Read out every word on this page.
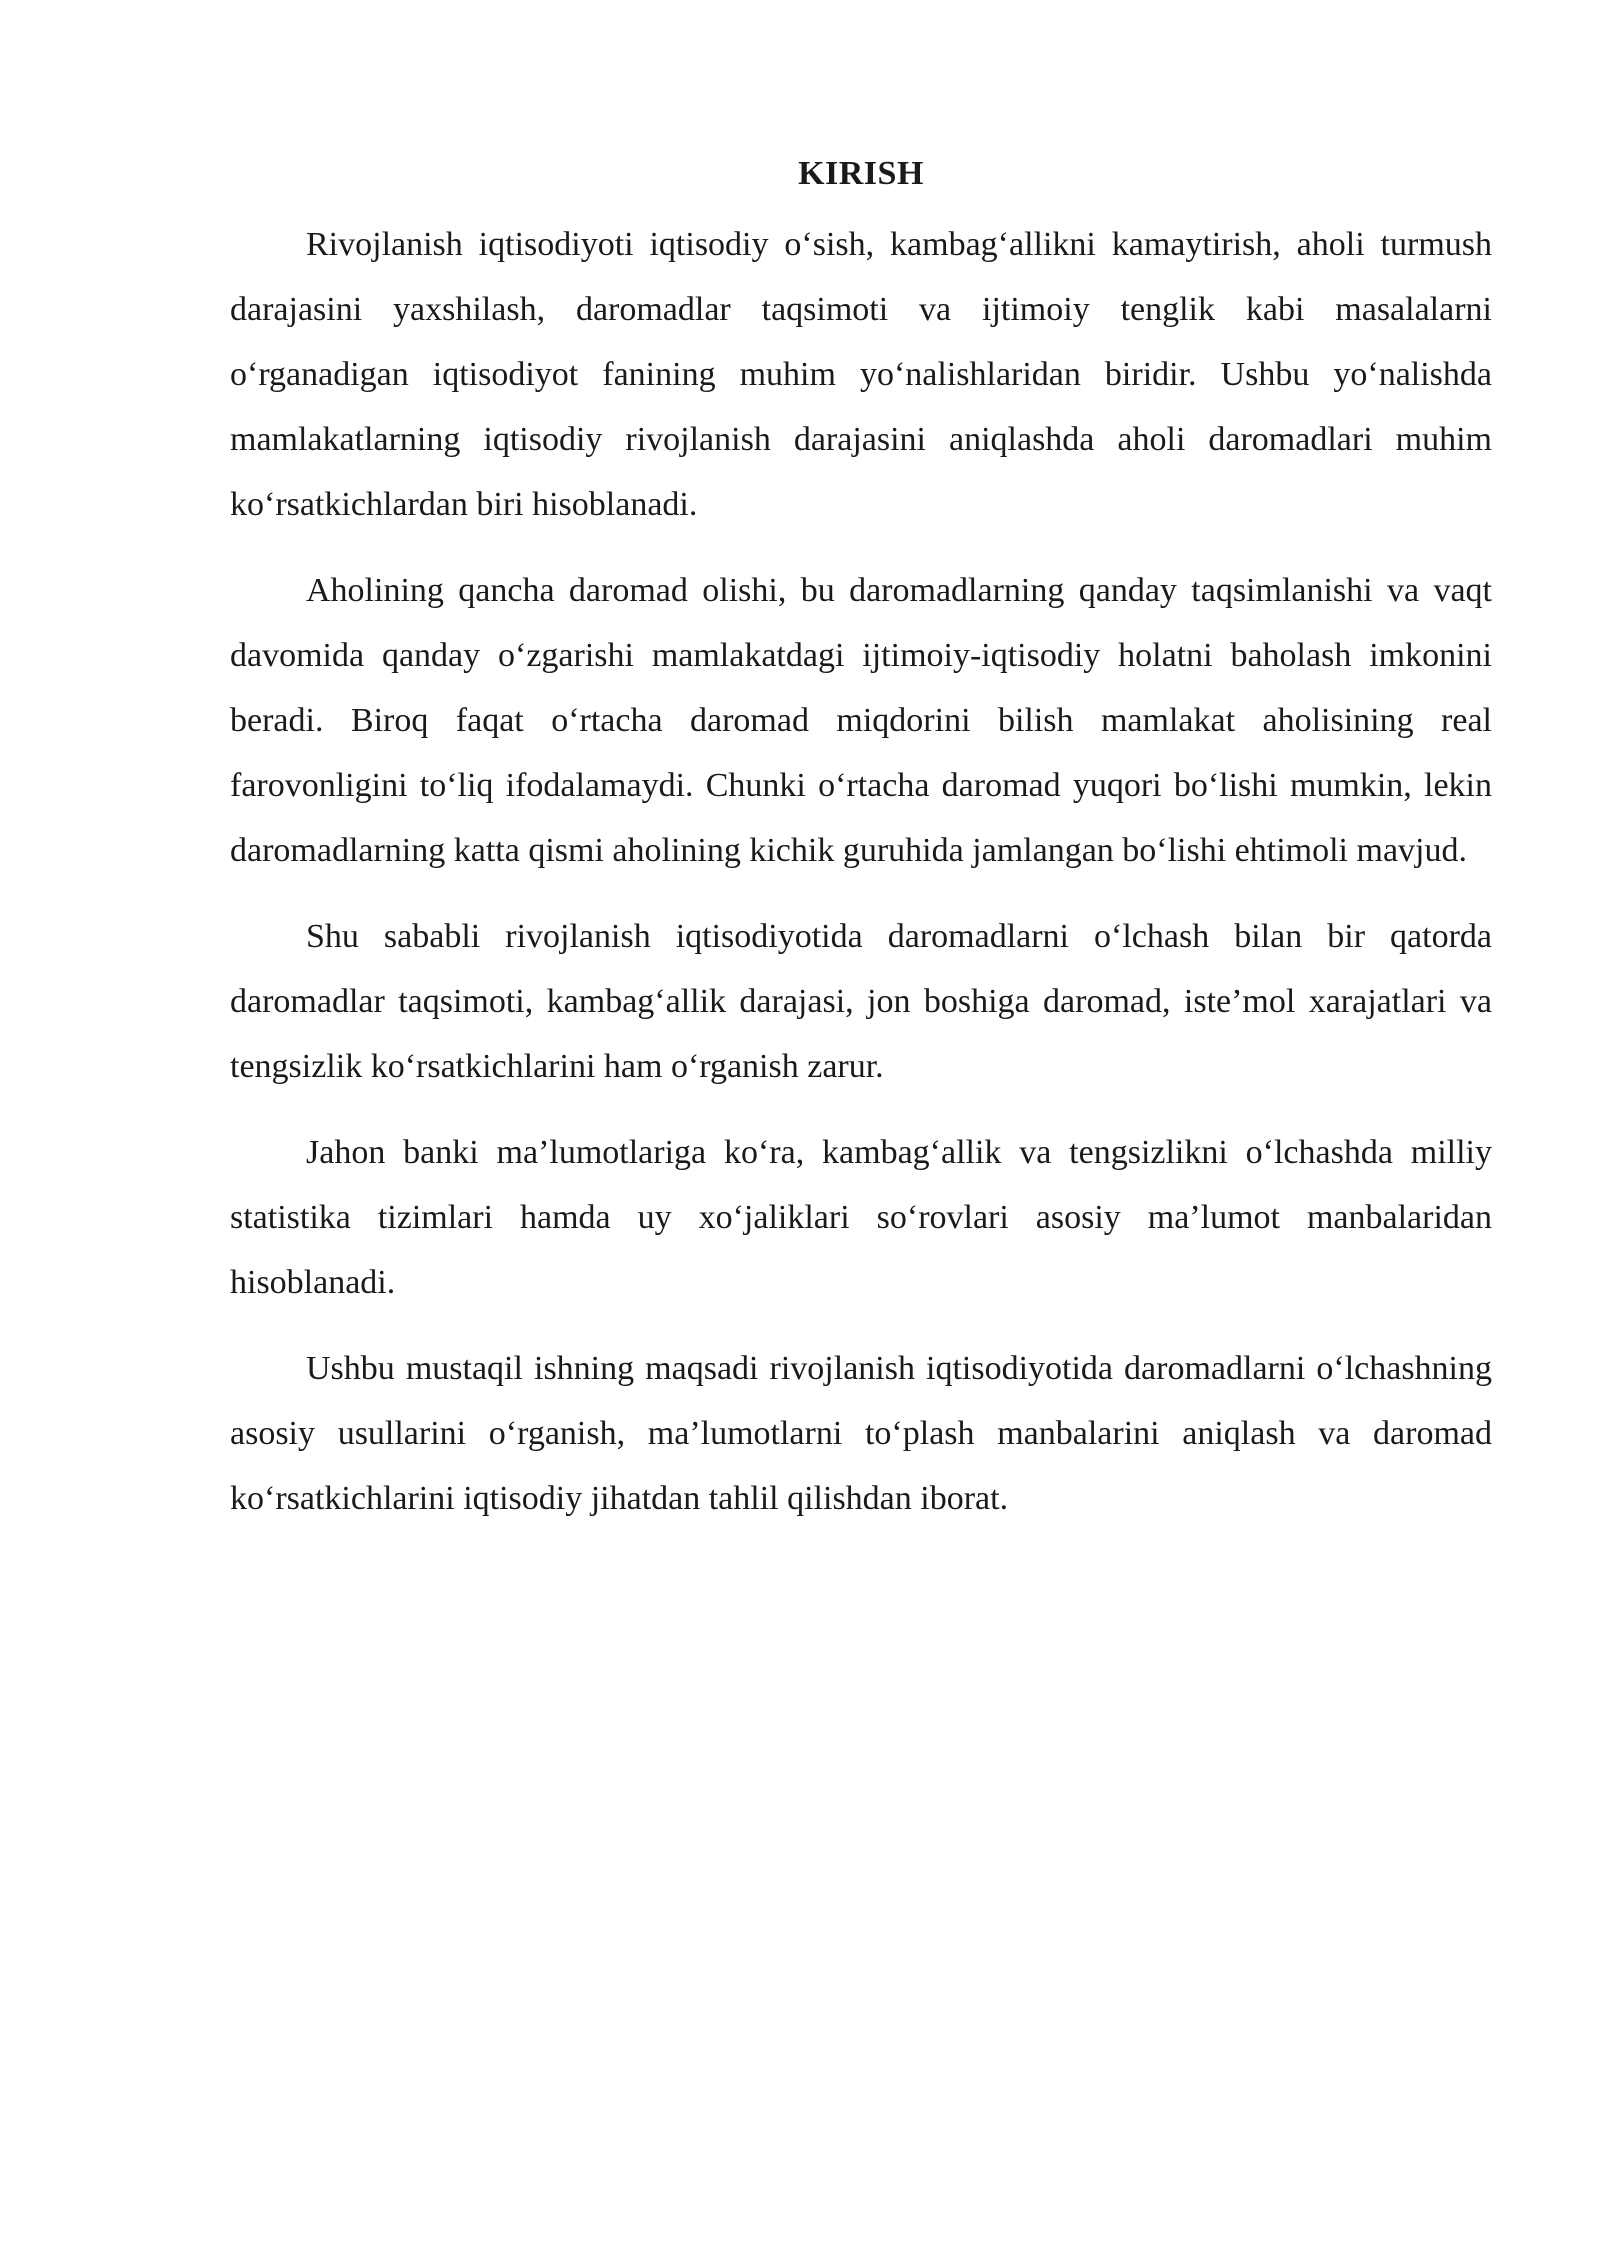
KIRISH

Rivojlanish iqtisodiyoti iqtisodiy o‘sish, kambag‘allikni kamaytirish, aholi turmush darajasini yaxshilash, daromadlar taqsimoti va ijtimoiy tenglik kabi masalalarni o‘rganadigan iqtisodiyot fanining muhim yo‘nalishlaridan biridir. Ushbu yo‘nalishda mamlakatlarning iqtisodiy rivojlanish darajasini aniqlashda aholi daromadlari muhim ko‘rsatkichlardan biri hisoblanadi.

Aholining qancha daromad olishi, bu daromadlarning qanday taqsimlanishi va vaqt davomida qanday o‘zgarishi mamlakatdagi ijtimoiy-iqtisodiy holatni baholash imkonini beradi. Biroq faqat o‘rtacha daromad miqdorini bilish mamlakat aholisining real farovonligini to‘liq ifodalamaydi. Chunki o‘rtacha daromad yuqori bo‘lishi mumkin, lekin daromadlarning katta qismi aholining kichik guruhida jamlangan bo‘lishi ehtimoli mavjud.

Shu sababli rivojlanish iqtisodiyotida daromadlarni o‘lchash bilan bir qatorda daromadlar taqsimoti, kambag‘allik darajasi, jon boshiga daromad, iste’mol xarajatlari va tengsizlik ko‘rsatkichlarini ham o‘rganish zarur.

Jahon banki ma’lumotlariga ko‘ra, kambag‘allik va tengsizlikni o‘lchashda milliy statistika tizimlari hamda uy xo‘jaliklari so‘rovlari asosiy ma’lumot manbalaridan hisoblanadi.

Ushbu mustaqil ishning maqsadi rivojlanish iqtisodiyotida daromadlarni o‘lchashning asosiy usullarini o‘rganish, ma’lumotlarni to‘plash manbalarini aniqlash va daromad ko‘rsatkichlarini iqtisodiy jihatdan tahlil qilishdan iborat.
